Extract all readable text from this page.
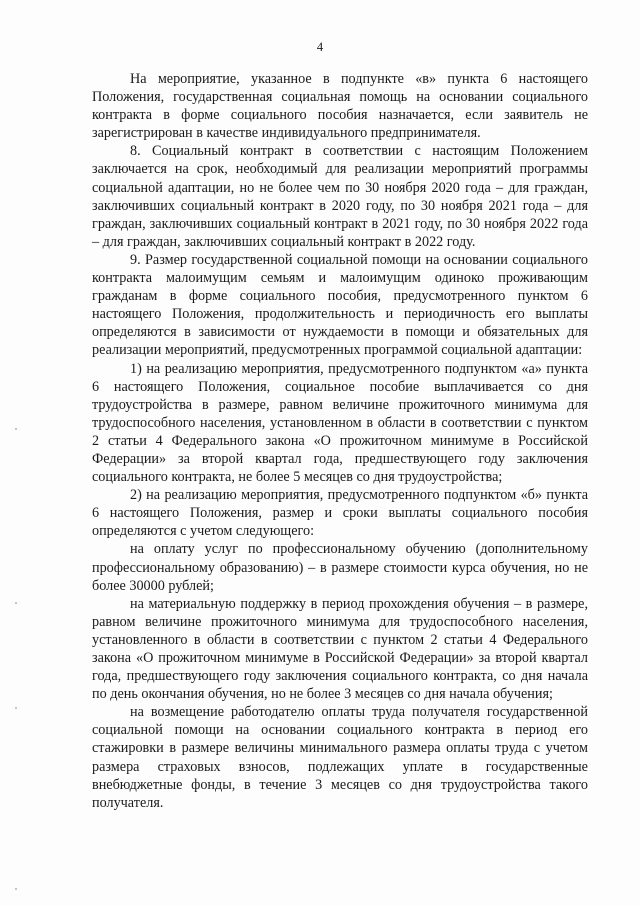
4

На мероприятие, указанное в подпункте «в» пункта 6 настоящего Положения, государственная социальная помощь на основании социального контракта в форме социального пособия назначается, если заявитель не зарегистрирован в качестве индивидуального предпринимателя.

8. Социальный контракт в соответствии с настоящим Положением заключается на срок, необходимый для реализации мероприятий программы социальной адаптации, но не более чем по 30 ноября 2020 года – для граждан, заключивших социальный контракт в 2020 году, по 30 ноября 2021 года – для граждан, заключивших социальный контракт в 2021 году, по 30 ноября 2022 года – для граждан, заключивших социальный контракт в 2022 году.

9. Размер государственной социальной помощи на основании социального контракта малоимущим семьям и малоимущим одиноко проживающим гражданам в форме социального пособия, предусмотренного пунктом 6 настоящего Положения, продолжительность и периодичность его выплаты определяются в зависимости от нуждаемости в помощи и обязательных для реализации мероприятий, предусмотренных программой социальной адаптации:

1) на реализацию мероприятия, предусмотренного подпунктом «а» пункта 6 настоящего Положения, социальное пособие выплачивается со дня трудоустройства в размере, равном величине прожиточного минимума для трудоспособного населения, установленном в области в соответствии с пунктом 2 статьи 4 Федерального закона «О прожиточном минимуме в Российской Федерации» за второй квартал года, предшествующего году заключения социального контракта, не более 5 месяцев со дня трудоустройства;

2) на реализацию мероприятия, предусмотренного подпунктом «б» пункта 6 настоящего Положения, размер и сроки выплаты социального пособия определяются с учетом следующего:

на оплату услуг по профессиональному обучению (дополнительному профессиональному образованию) – в размере стоимости курса обучения, но не более 30000 рублей;

на материальную поддержку в период прохождения обучения – в размере, равном величине прожиточного минимума для трудоспособного населения, установленного в области в соответствии с пунктом 2 статьи 4 Федерального закона «О прожиточном минимуме в Российской Федерации» за второй квартал года, предшествующего году заключения социального контракта, со дня начала по день окончания обучения, но не более 3 месяцев со дня начала обучения;

на возмещение работодателю оплаты труда получателя государственной социальной помощи на основании социального контракта в период его стажировки в размере величины минимального размера оплаты труда с учетом размера страховых взносов, подлежащих уплате в государственные внебюджетные фонды, в течение 3 месяцев со дня трудоустройства такого получателя.
